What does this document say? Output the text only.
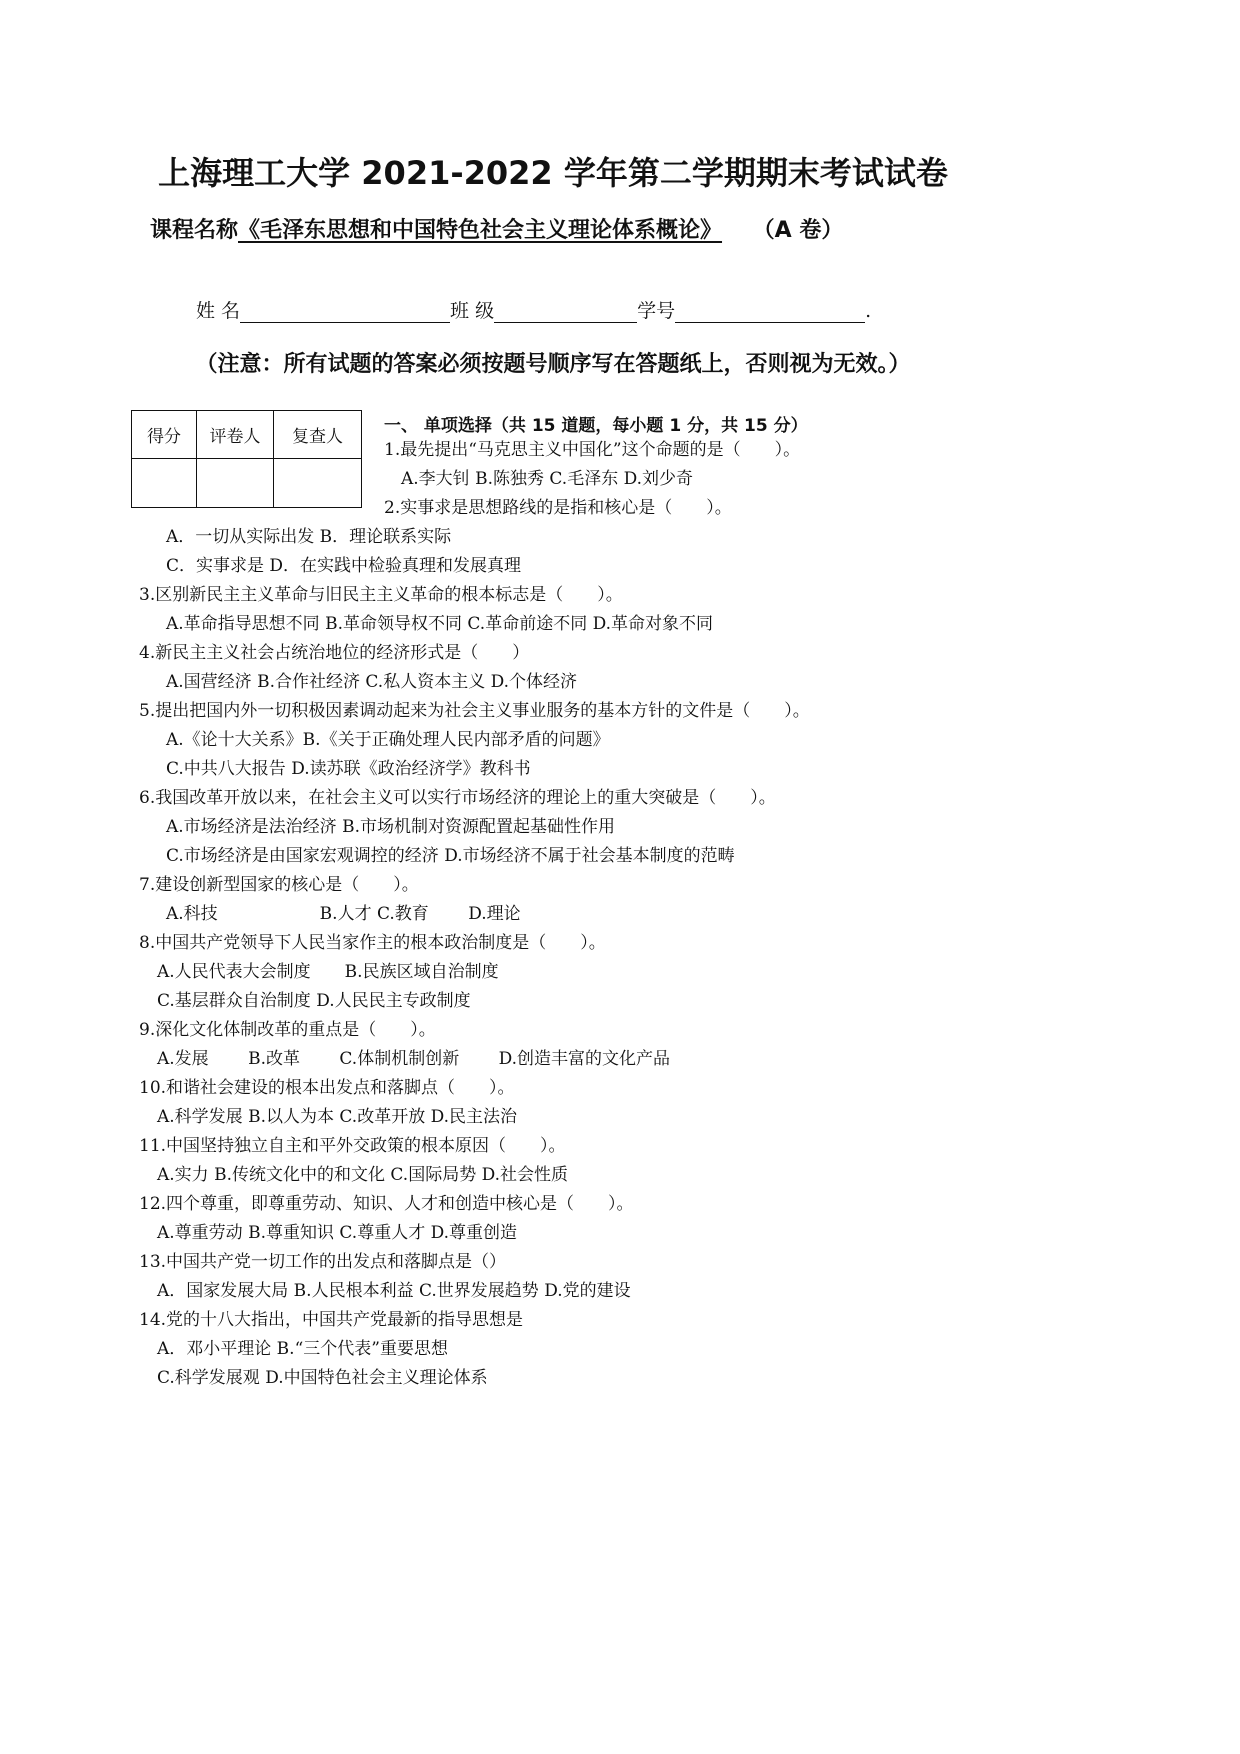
上海理工大学 2021-2022 学年第二学期期末考试试卷
课程名称《毛泽东思想和中国特色社会主义理论体系概论》 （A 卷）
姓 名	班 级	学号	.
（注意：所有试题的答案必须按题号顺序写在答题纸上，否则视为无效。）
得分	评卷人	复查人

一、 单项选择（共 15 道题，每小题 1 分，共 15 分）
1.最先提出“马克思主义中国化”这个命题的是（　　）。
A.李大钊 B.陈独秀 C.毛泽东 D.刘少奇
2.实事求是思想路线的是指和核心是（　　）。
A．一切从实际出发 B．理论联系实际
C．实事求是 D．在实践中检验真理和发展真理
3.区别新民主主义革命与旧民主主义革命的根本标志是（　　）。
A.革命指导思想不同 B.革命领导权不同 C.革命前途不同 D.革命对象不同
4.新民主主义社会占统治地位的经济形式是（　　）
A.国营经济 B.合作社经济 C.私人资本主义 D.个体经济
5.提出把国内外一切积极因素调动起来为社会主义事业服务的基本方针的文件是（　　）。
A.《论十大关系》B.《关于正确处理人民内部矛盾的问题》
C.中共八大报告 D.读苏联《政治经济学》教科书
6.我国改革开放以来，在社会主义可以实行市场经济的理论上的重大突破是（　　）。
A.市场经济是法治经济 B.市场机制对资源配置起基础性作用
C.市场经济是由国家宏观调控的经济 D.市场经济不属于社会基本制度的范畴
7.建设创新型国家的核心是（　　）。
A.科技　　　　　　B.人才 C.教育　　 D.理论
8.中国共产党领导下人民当家作主的根本政治制度是（　　）。
A.人民代表大会制度　　B.民族区域自治制度
C.基层群众自治制度 D.人民民主专政制度
9.深化文化体制改革的重点是（　　）。
A.发展　　 B.改革　　 C.体制机制创新　　 D.创造丰富的文化产品
10.和谐社会建设的根本出发点和落脚点（　　）。
A.科学发展 B.以人为本 C.改革开放 D.民主法治
11.中国坚持独立自主和平外交政策的根本原因（　　）。
A.实力 B.传统文化中的和文化 C.国际局势 D.社会性质
12.四个尊重，即尊重劳动、知识、人才和创造中核心是（　　）。
A.尊重劳动 B.尊重知识 C.尊重人才 D.尊重创造
13.中国共产党一切工作的出发点和落脚点是（）
A．国家发展大局 B.人民根本利益 C.世界发展趋势 D.党的建设
14.党的十八大指出，中国共产党最新的指导思想是
A．邓小平理论 B.“三个代表”重要思想
C.科学发展观 D.中国特色社会主义理论体系
